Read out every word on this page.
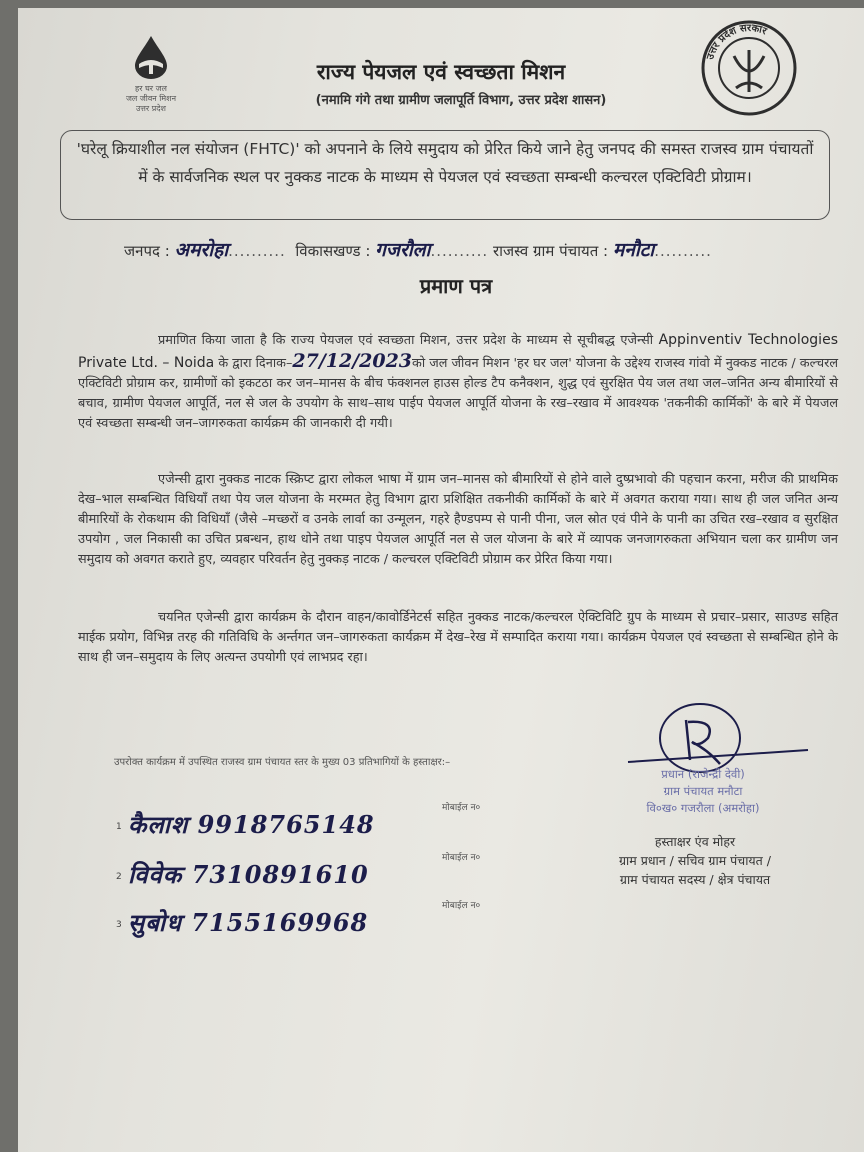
हर घर जल
जल जीवन मिशन
उत्तर प्रदेश
उत्तर प्रदेश सरकार
राज्य पेयजल एवं स्वच्छता मिशन
(नमामि गंगे तथा ग्रामीण जलापूर्ति विभाग, उत्तर प्रदेश शासन)
'घरेलू क्रियाशील नल संयोजन (FHTC)' को अपनाने के लिये समुदाय को प्रेरित किये जाने हेतु जनपद की समस्त राजस्व ग्राम पंचायतों में के सार्वजनिक स्थल पर नुक्कड नाटक के माध्यम से पेयजल एवं स्वच्छता सम्बन्धी कल्चरल एक्टिविटी प्रोग्राम।
जनपद : अमरोहा.......... विकासखण्ड : गजरौला.......... राजस्व ग्राम पंचायत : मनौटा..........
प्रमाण पत्र
प्रमाणित किया जाता है कि राज्य पेयजल एवं स्वच्छता मिशन, उत्तर प्रदेश के माध्यम से सूचीबद्ध एजेन्सी Appinventiv Technologies Private Ltd. – Noida के द्वारा दिनाक–27/12/2023को जल जीवन मिशन 'हर घर जल' योजना के उद्देश्य राजस्व गांवो में नुक्कड नाटक / कल्चरल एक्टिविटी प्रोग्राम कर, ग्रामीणों को इकटठा कर जन–मानस के बीच फंक्शनल हाउस होल्ड टैप कनैक्शन, शुद्ध एवं सुरक्षित पेय जल तथा जल–जनित अन्य बीमारियों से बचाव, ग्रामीण पेयजल आपूर्ति, नल से जल के उपयोग के साथ–साथ पाईप पेयजल आपूर्ति योजना के रख–रखाव में आवश्यक 'तकनीकी कार्मिकों' के बारे में पेयजल एवं स्वच्छता सम्बन्धी जन–जागरुकता कार्यक्रम की जानकारी दी गयी।
एजेन्सी द्वारा नुक्कड नाटक स्क्रिप्ट द्वारा लोकल भाषा में ग्राम जन–मानस को बीमारियों से होने वाले दुष्प्रभावो की पहचान करना, मरीज की प्राथमिक देख–भाल सम्बन्धित विधियाँ तथा पेय जल योजना के मरम्मत हेतु विभाग द्वारा प्रशिक्षित तकनीकी कार्मिकों के बारे में अवगत कराया गया। साथ ही जल जनित अन्य बीमारियों के रोकथाम की विधियाँ (जैसे –मच्छरों व उनके लार्वा का उन्मूलन, गहरे हैण्डपम्प से पानी पीना, जल स्रोत एवं पीने के पानी का उचित रख–रखाव व सुरक्षित उपयोग , जल निकासी का उचित प्रबन्धन, हाथ धोने तथा पाइप पेयजल आपूर्ति नल से जल योजना के बारे में व्यापक जनजागरुकता अभियान चला कर ग्रामीण जन समुदाय को अवगत कराते हुए, व्यवहार परिवर्तन हेतु नुक्कड़ नाटक / कल्चरल एक्टिविटी प्रोग्राम कर प्रेरित किया गया।
चयनित एजेन्सी द्वारा कार्यक्रम के दौरान वाहन/कावोर्डिनेटर्स सहित नुक्कड नाटक/कल्चरल ऐक्टिविटि ग्रुप के माध्यम से प्रचार–प्रसार, साउण्ड सहित माईक प्रयोग, विभिन्न तरह की गतिविधि के अर्न्तगत जन–जागरुकता कार्यक्रम मेंं देख–रेख में सम्पादित कराया गया। कार्यक्रम पेयजल एवं स्वच्छता से सम्बन्धित होने के साथ ही जन–समुदाय के लिए अत्यन्त उपयोगी एवं लाभप्रद रहा।
प्रधान (राजेन्द्री देवी)
ग्राम पंचायत मनौटा
वि०ख० गजरौला (अमरोहा)
हस्ताक्षर एंव मोहर
ग्राम प्रधान / सचिव ग्राम पंचायत /
ग्राम पंचायत सदस्य / क्षेत्र पंचायत
उपरोक्त कार्यक्रम में उपस्थित राजस्व ग्राम पंचायत स्तर के मुख्य 03 प्रतिभागियों के हस्ताक्षर:–
1 कैलाश 9918765148
मोबाईल न०
2 विवेक 7310891610
मोबाईल न०
3 सुबोध 7155169968
मोबाईल न०
